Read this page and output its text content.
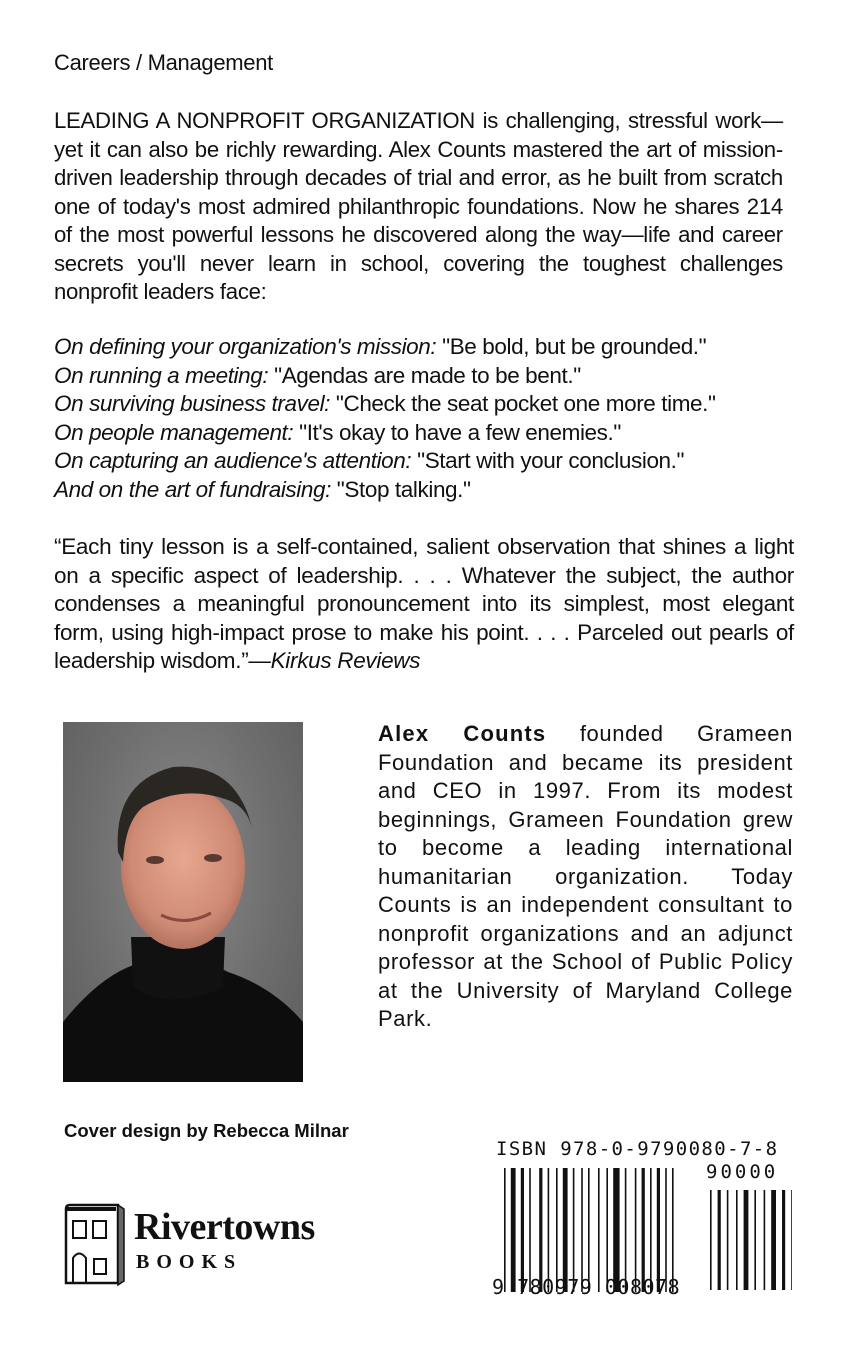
Careers / Management
LEADING A NONPROFIT ORGANIZATION is challenging, stressful work—yet it can also be richly rewarding. Alex Counts mastered the art of mission-driven leadership through decades of trial and error, as he built from scratch one of today's most admired philanthropic foundations. Now he shares 214 of the most powerful lessons he discovered along the way—life and career secrets you'll never learn in school, covering the toughest challenges nonprofit leaders face:
On defining your organization's mission: "Be bold, but be grounded."
On running a meeting: "Agendas are made to be bent."
On surviving business travel: "Check the seat pocket one more time."
On people management: "It's okay to have a few enemies."
On capturing an audience's attention: "Start with your conclusion."
And on the art of fundraising: "Stop talking."
“Each tiny lesson is a self-contained, salient observation that shines a light on a specific aspect of leadership. . . . Whatever the subject, the author condenses a meaningful pronouncement into its simplest, most elegant form, using high-impact prose to make his point. . . . Parceled out pearls of leadership wisdom.”—Kirkus Reviews
Alex Counts founded Grameen Foundation and became its president and CEO in 1997. From its modest beginnings, Grameen Foundation grew to become a leading international humanitarian organization. Today Counts is an independent consultant to nonprofit organizations and an adjunct professor at the School of Public Policy at the University of Maryland College Park.
Cover design by Rebecca Milnar
Rivertowns
BOOKS
ISBN 978-0-9790080-7-8
90000
9 780979 008078
